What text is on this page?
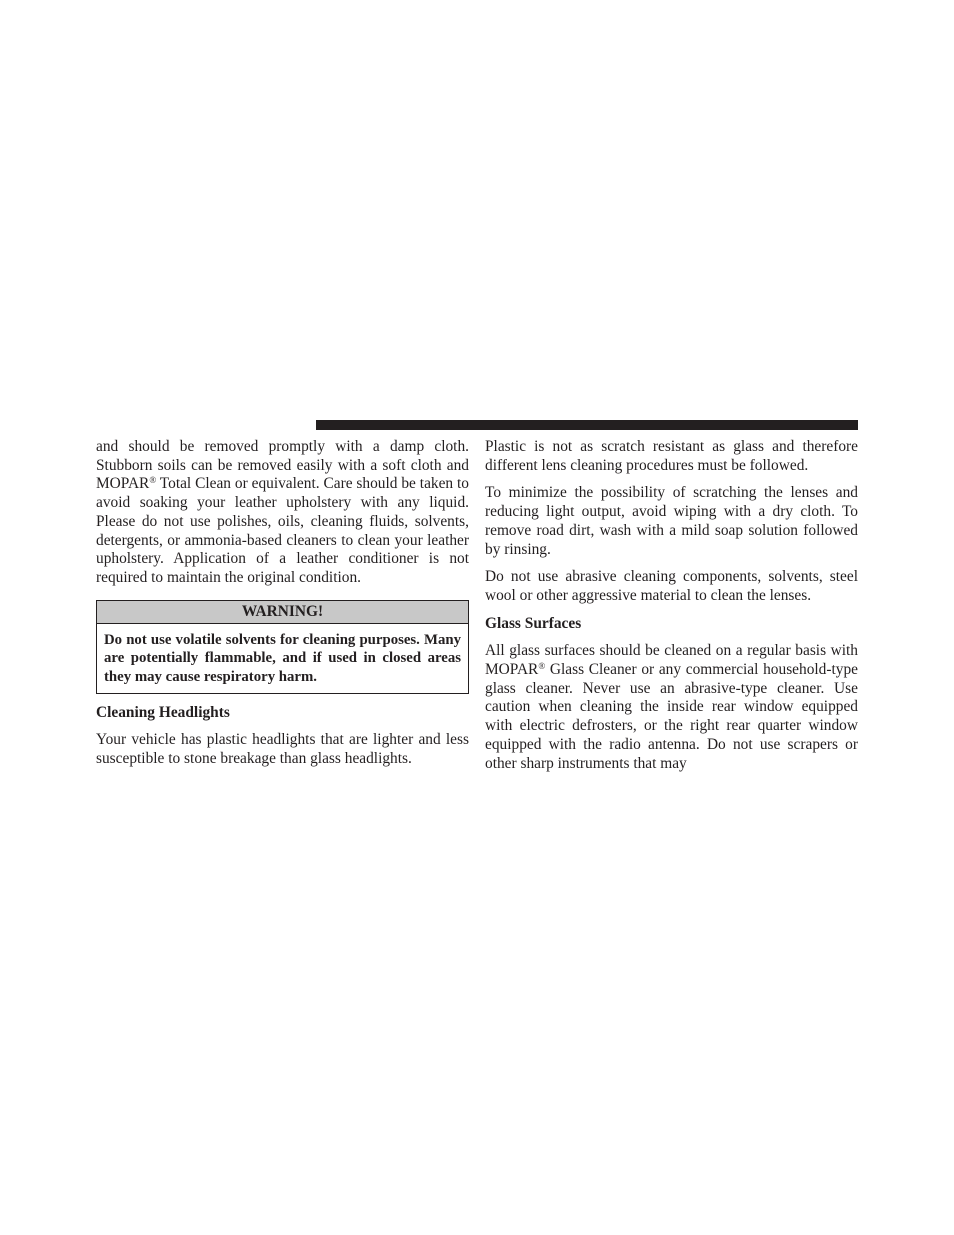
and should be removed promptly with a damp cloth. Stubborn soils can be removed easily with a soft cloth and MOPAR® Total Clean or equivalent. Care should be taken to avoid soaking your leather upholstery with any liquid. Please do not use polishes, oils, cleaning fluids, solvents, detergents, or ammonia-based cleaners to clean your leather upholstery. Application of a leather conditioner is not required to maintain the original condition.

WARNING!
Do not use volatile solvents for cleaning purposes. Many are potentially flammable, and if used in closed areas they may cause respiratory harm.

Cleaning Headlights

Your vehicle has plastic headlights that are lighter and less susceptible to stone breakage than glass headlights.

Plastic is not as scratch resistant as glass and therefore different lens cleaning procedures must be followed.

To minimize the possibility of scratching the lenses and reducing light output, avoid wiping with a dry cloth. To remove road dirt, wash with a mild soap solution followed by rinsing.

Do not use abrasive cleaning components, solvents, steel wool or other aggressive material to clean the lenses.

Glass Surfaces

All glass surfaces should be cleaned on a regular basis with MOPAR® Glass Cleaner or any commercial household-type glass cleaner. Never use an abrasive-type cleaner. Use caution when cleaning the inside rear window equipped with electric defrosters, or the right rear quarter window equipped with the radio antenna. Do not use scrapers or other sharp instruments that may
